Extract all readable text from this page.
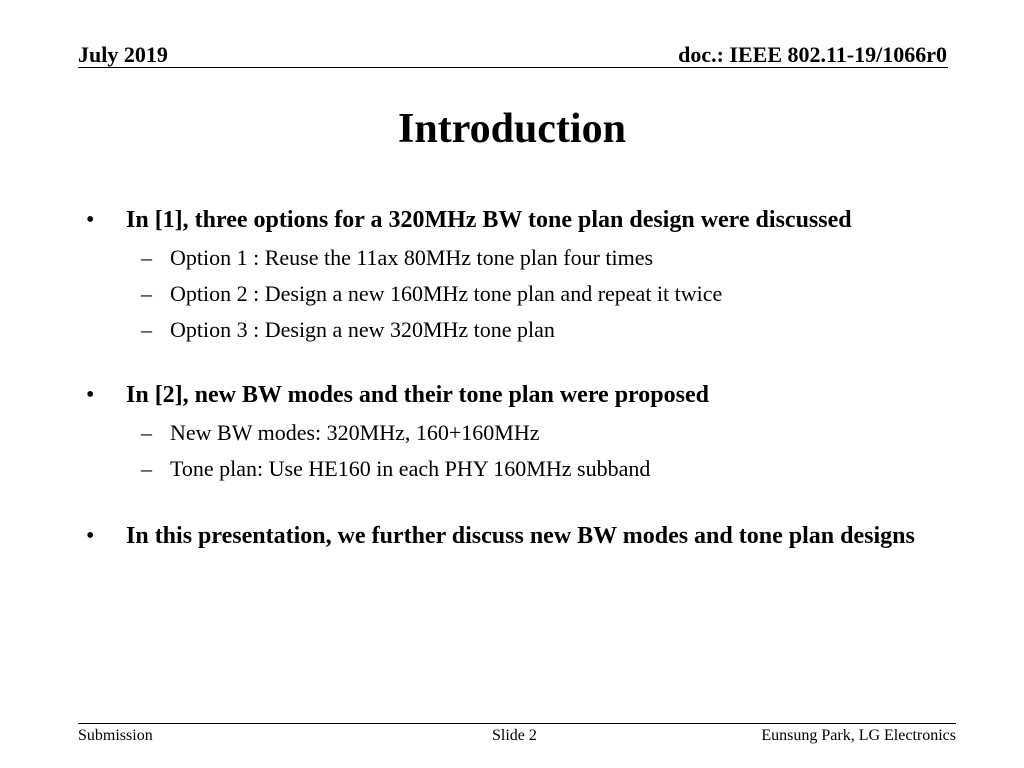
July 2019	doc.: IEEE 802.11-19/1066r0
Introduction
• In [1], three options for a 320MHz BW tone plan design were discussed
– Option 1 : Reuse the 11ax 80MHz tone plan four times
– Option 2 : Design a new 160MHz tone plan and repeat it twice
– Option 3 : Design a new 320MHz tone plan
• In [2], new BW modes and their tone plan were proposed
– New BW modes: 320MHz, 160+160MHz
– Tone plan: Use HE160 in each PHY 160MHz subband
• In this presentation, we further discuss new BW modes and tone plan designs
Submission	Slide 2	Eunsung Park, LG Electronics
